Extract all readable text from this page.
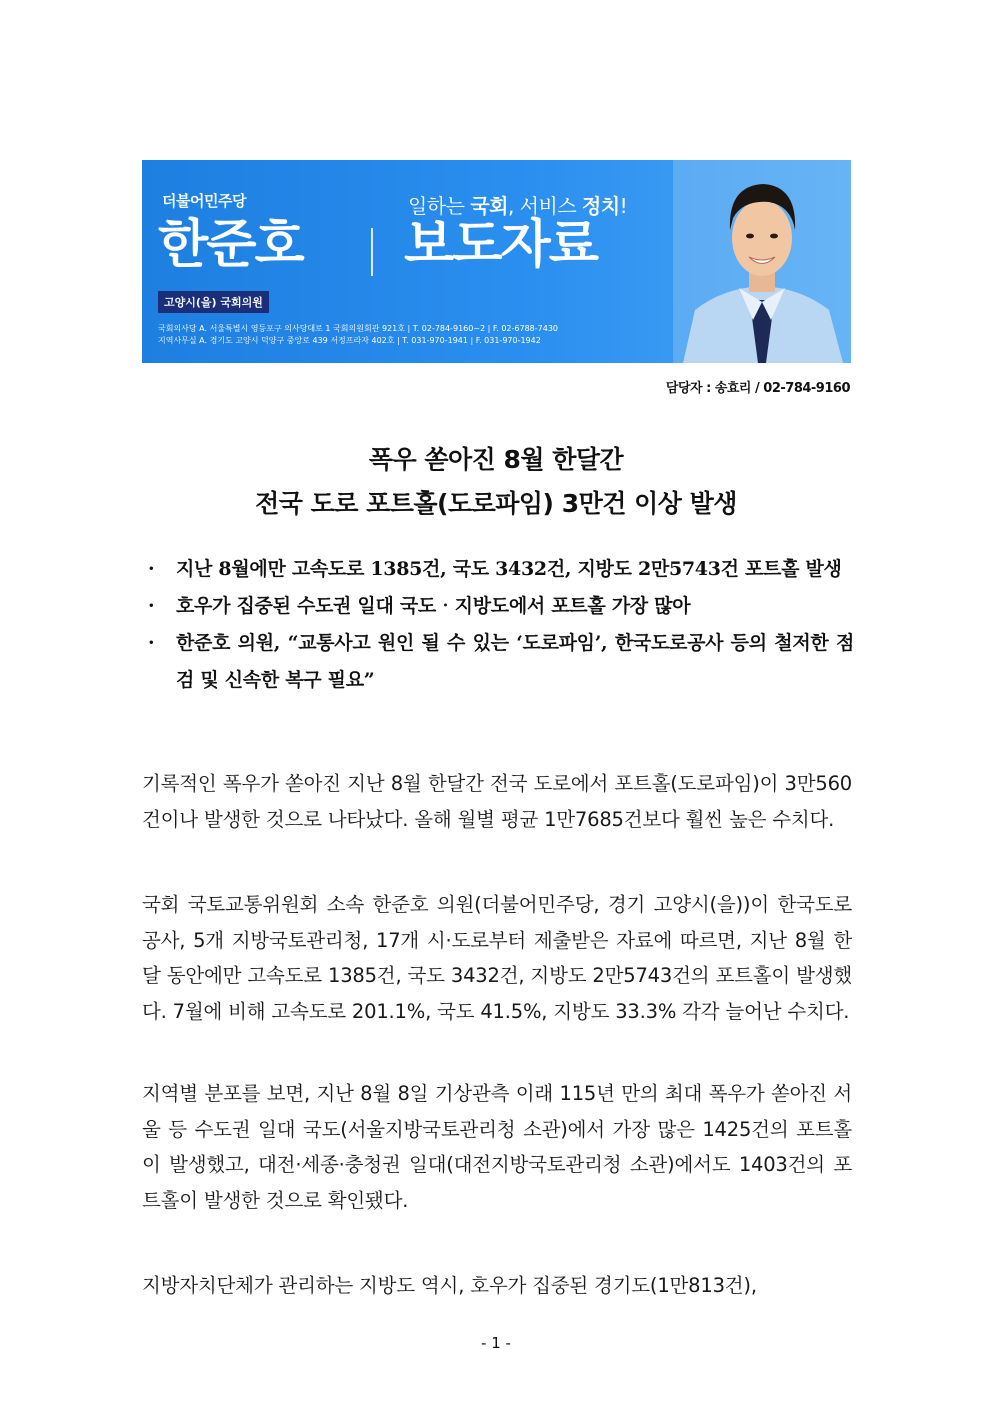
더불어민주당
한준호
일하는 국회, 서비스 정치!
보도자료
고양시(을) 국회의원
국회의사당 A. 서울특별시 영등포구 의사당대로 1 국회의원회관 921호 | T. 02-784-9160~2 | F. 02-6788-7430
지역사무실 A. 경기도 고양시 덕양구 중앙로 439 서정프라자 402호 | T. 031-970-1941 | F. 031-970-1942
담당자 : 송효리 / 02-784-9160
폭우 쏟아진 8월 한달간
전국 도로 포트홀(도로파임) 3만건 이상 발생
· 지난 8월에만 고속도로 1385건, 국도 3432건, 지방도 2만5743건 포트홀 발생
· 호우가 집중된 수도권 일대 국도‧지방도에서 포트홀 가장 많아
· 한준호 의원, “교통사고 원인 될 수 있는 ‘도로파임’, 한국도로공사 등의 철저한 점검 및 신속한 복구 필요”

기록적인 폭우가 쏟아진 지난 8월 한달간 전국 도로에서 포트홀(도로파임)이 3만560건이나 발생한 것으로 나타났다. 올해 월별 평균 1만7685건보다 훨씬 높은 수치다.

국회 국토교통위원회 소속 한준호 의원(더불어민주당, 경기 고양시(을))이 한국도로공사, 5개 지방국토관리청, 17개 시·도로부터 제출받은 자료에 따르면, 지난 8월 한달 동안에만 고속도로 1385건, 국도 3432건, 지방도 2만5743건의 포트홀이 발생했다. 7월에 비해 고속도로 201.1%, 국도 41.5%, 지방도 33.3% 각각 늘어난 수치다.

지역별 분포를 보면, 지난 8월 8일 기상관측 이래 115년 만의 최대 폭우가 쏟아진 서울 등 수도권 일대 국도(서울지방국토관리청 소관)에서 가장 많은 1425건의 포트홀이 발생했고, 대전·세종·충청권 일대(대전지방국토관리청 소관)에서도 1403건의 포트홀이 발생한 것으로 확인됐다.

지방자치단체가 관리하는 지방도 역시, 호우가 집중된 경기도(1만813건),

- 1 -
